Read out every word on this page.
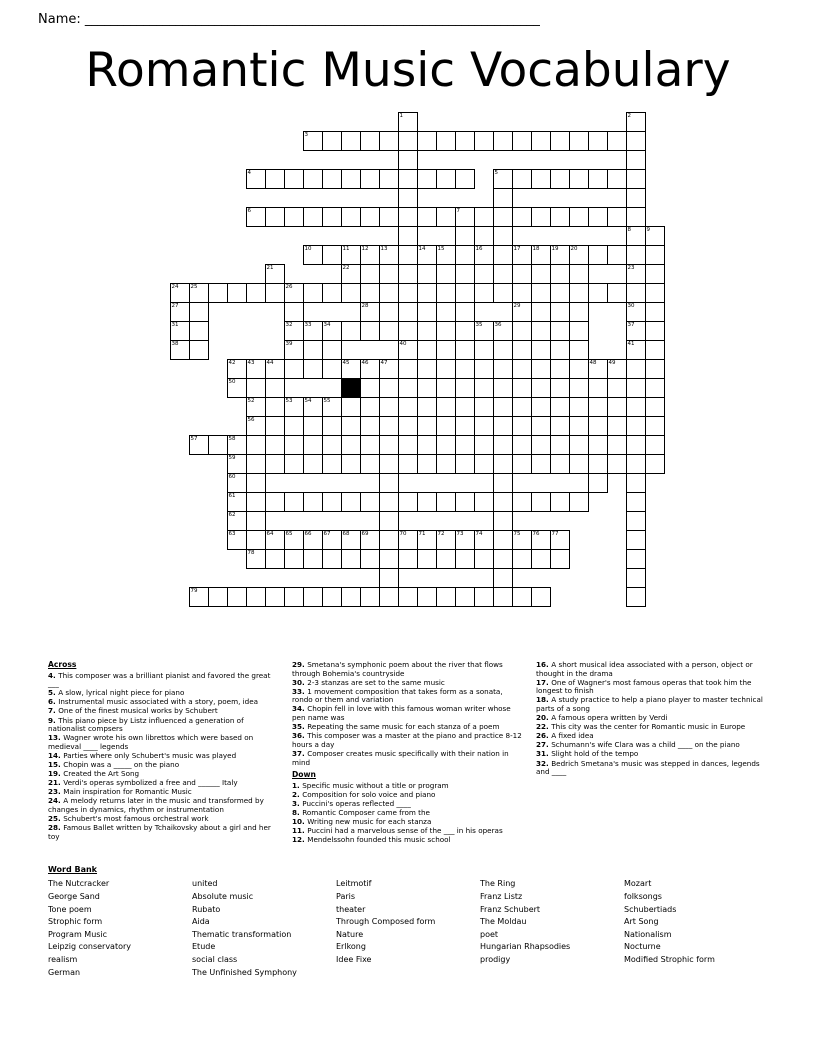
Name: ______________________________________________________________________
Romantic Music Vocabulary

													1												2	

								3																		

					4													5								

					6											7										

																									8	9

								10		11	12	13		14	15		16		17	18	19	20				

						21				22															23	

	24	25					26																			

	27										28								29						30	

	31						32	33	34								35	36							37	

	38						39						40												41	

				42	43	44				45	46	47											48	49		

				50																						

					52		53	54	55																	

					56																					

		57		58																						

				59																						

				60																						

				61																						

				62																						

				63		64	65	66	67	68	69		70	71	72	73	74		75	76	77					

					78																					

		79																								

Across
4. This composer was a brilliant pianist and favored the great ___
5. A slow, lyrical night piece for piano
6. Instrumental music associated with a story, poem, idea
7. One of the finest musical works by Schubert
9. This piano piece by Listz influenced a generation of nationalist compsers
13. Wagner wrote his own librettos which were based on medieval ____ legends
14. Parties where only Schubert's music was played
15. Chopin was a _____ on the piano
19. Created the Art Song
21. Verdi's operas symbolized a free and ______ Italy
23. Main inspiration for Romantic Music
24. A melody returns later in the music and transformed by changes in dynamics, rhythm or instrumentation
25. Schubert's most famous orchestral work
28. Famous Ballet written by Tchaikovsky about a girl and her toy
29. Smetana's symphonic poem about the river that flows through Bohemia's countryside
30. 2-3 stanzas are set to the same music
33. 1 movement composition that takes form as a sonata, rondo or them and variation
34. Chopin fell in love with this famous woman writer whose pen name was
35. Repeating the same music for each stanza of a poem
36. This composer was a master at the piano and practice 8-12 hours a day
37. Composer creates music specifically with their nation in mind
Down
1. Specific music without a title or program
2. Composition for solo voice and piano
3. Puccini's operas reflected ____
8. Romantic Composer came from the
10. Writing new music for each stanza
11. Puccini had a marvelous sense of the ___ in his operas
12. Mendelssohn founded this music school
16. A short musical idea associated with a person, object or thought in the drama
17. One of Wagner's most famous operas that took him the longest to finish
18. A study practice to help a piano player to master technical parts of a song
20. A famous opera written by Verdi
22. This city was the center for Romantic music in Europe
26. A fixed idea
27. Schumann's wife Clara was a child ____ on the piano
31. Slight hold of the tempo
32. Bedrich Smetana's music was stepped in dances, legends and ____
Word Bank
The Nutcracker
George Sand
Tone poem
Strophic form
Program Music
Leipzig conservatory
realism
German
united
Absolute music
Rubato
Aida
Thematic transformation
Etude
social class
The Unfinished Symphony
Leitmotif
Paris
theater
Through Composed form
Nature
Erlkong
Idee Fixe
The Ring
Franz Listz
Franz Schubert
The Moldau
poet
Hungarian Rhapsodies
prodigy
Mozart
folksongs
Schubertiads
Art Song
Nationalism
Nocturne
Modified Strophic form
